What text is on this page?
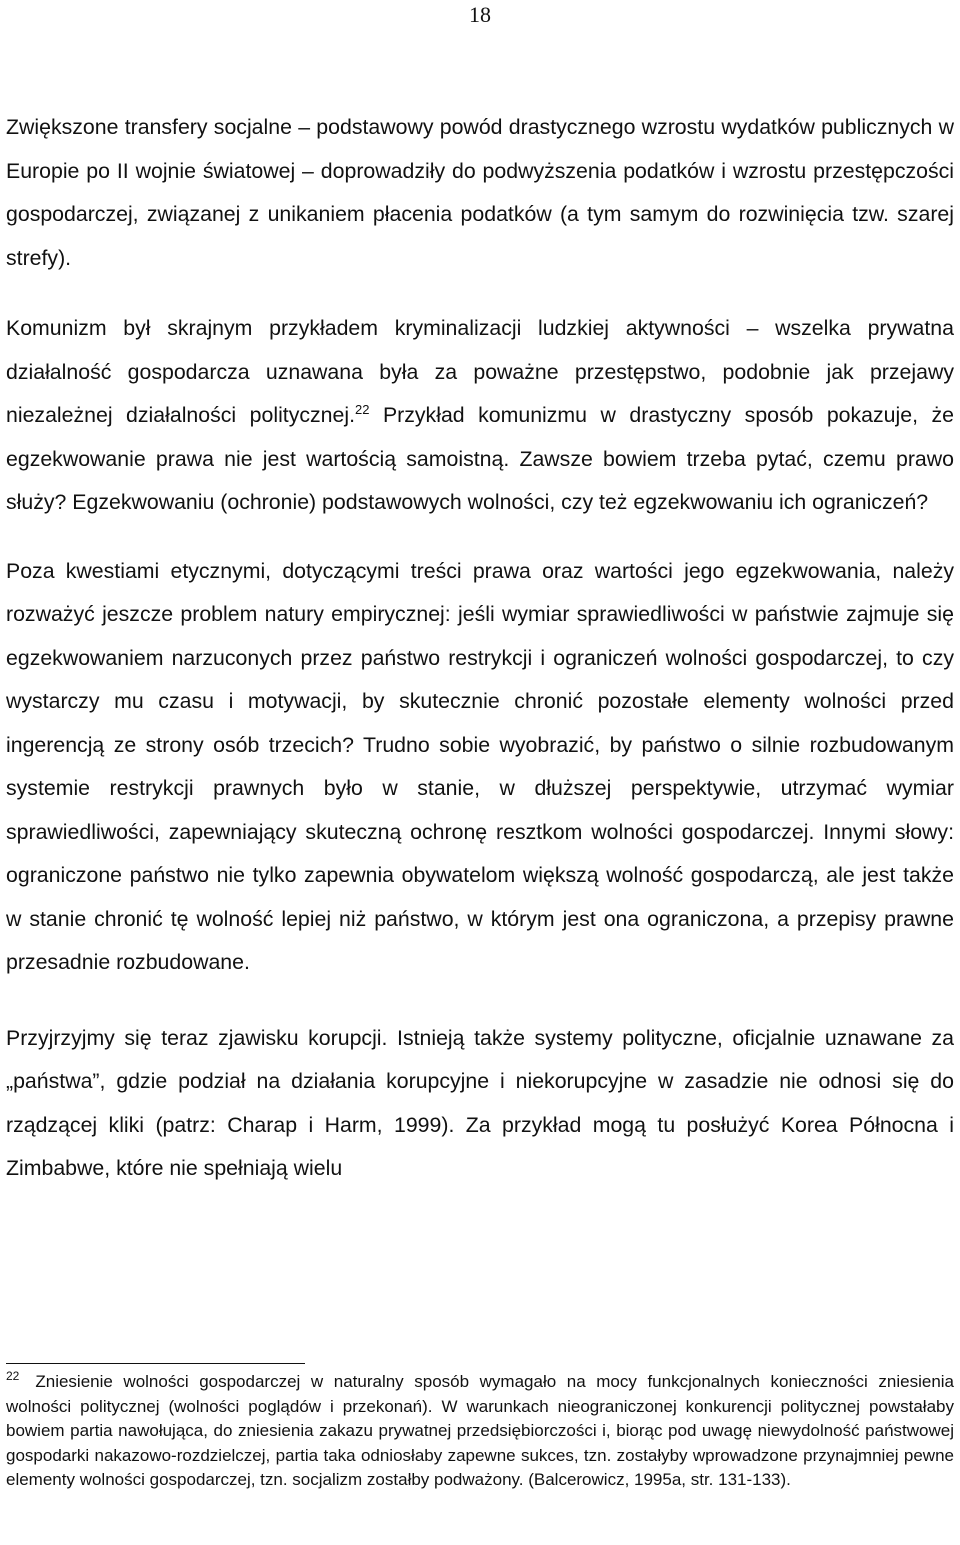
18

Zwiększone transfery socjalne – podstawowy powód drastycznego wzrostu wydatków publicznych w Europie po II wojnie światowej – doprowadziły do podwyższenia podatków i wzrostu przestępczości gospodarczej, związanej z unikaniem płacenia podatków (a tym samym do rozwinięcia tzw. szarej strefy).

Komunizm był skrajnym przykładem kryminalizacji ludzkiej aktywności – wszelka prywatna działalność gospodarcza uznawana była za poważne przestępstwo, podobnie jak przejawy niezależnej działalności politycznej.$^{22}$ Przykład komunizmu w drastyczny sposób pokazuje, że egzekwowanie prawa nie jest wartością samoistną. Zawsze bowiem trzeba pytać, czemu prawo służy? Egzekwowaniu (ochronie) podstawowych wolności, czy też egzekwowaniu ich ograniczeń?

Poza kwestiami etycznymi, dotyczącymi treści prawa oraz wartości jego egzekwowania, należy rozważyć jeszcze problem natury empirycznej: jeśli wymiar sprawiedliwości w państwie zajmuje się egzekwowaniem narzuconych przez państwo restrykcji i ograniczeń wolności gospodarczej, to czy wystarczy mu czasu i motywacji, by skutecznie chronić pozostałe elementy wolności przed ingerencją ze strony osób trzecich? Trudno sobie wyobrazić, by państwo o silnie rozbudowanym systemie restrykcji prawnych było w stanie, w dłuższej perspektywie, utrzymać wymiar sprawiedliwości, zapewniający skuteczną ochronę resztkom wolności gospodarczej. Innymi słowy: ograniczone państwo nie tylko zapewnia obywatelom większą wolność gospodarczą, ale jest także w stanie chronić tę wolność lepiej niż państwo, w którym jest ona ograniczona, a przepisy prawne przesadnie rozbudowane.

Przyjrzyjmy się teraz zjawisku korupcji. Istnieją także systemy polityczne, oficjalnie uznawane za „państwa”, gdzie podział na działania korupcyjne i niekorupcyjne w zasadzie nie odnosi się do rządzącej kliki (patrz: Charap i Harm, 1999). Za przykład mogą tu posłużyć Korea Północna i Zimbabwe, które nie spełniają wielu

$^{22}$ Zniesienie wolności gospodarczej w naturalny sposób wymagało na mocy funkcjonalnych konieczności zniesienia wolności politycznej (wolności poglądów i przekonań). W warunkach nieograniczonej konkurencji politycznej powstałaby bowiem partia nawołująca, do zniesienia zakazu prywatnej przedsiębiorczości i, biorąc pod uwagę niewydolność państwowej gospodarki nakazowo-rozdzielczej, partia taka odniosłaby zapewne sukces, tzn. zostałyby wprowadzone przynajmniej pewne elementy wolności gospodarczej, tzn. socjalizm zostałby podważony. (Balcerowicz, 1995a, str. 131-133).
